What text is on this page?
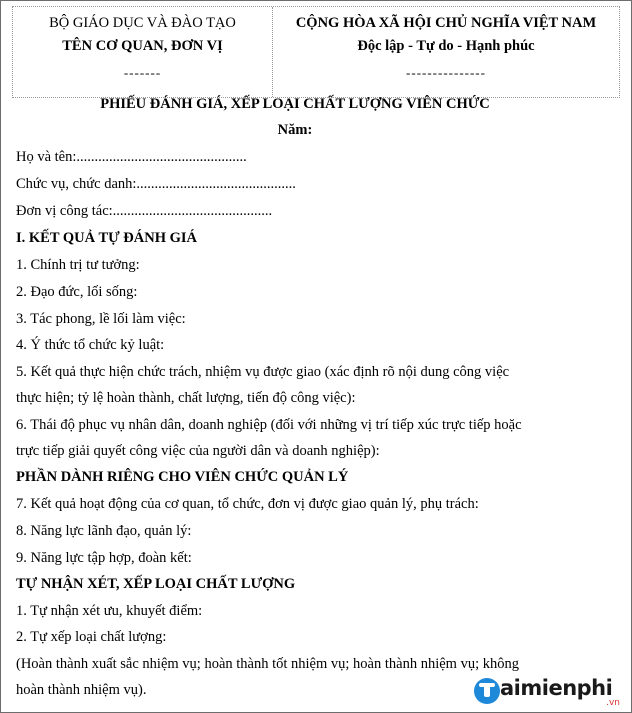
BỘ GIÁO DỤC VÀ ĐÀO TẠO
TÊN CƠ QUAN, ĐƠN VỊ
-------
CỘNG HÒA XÃ HỘI CHỦ NGHĨA VIỆT NAM
Độc lập - Tự do - Hạnh phúc
---------------
PHIẾU ĐÁNH GIÁ, XẾP LOẠI CHẤT LƯỢNG VIÊN CHỨC
Năm:
Họ và tên:...............................................
Chức vụ, chức danh:............................................
Đơn vị công tác:............................................
I. KẾT QUẢ TỰ ĐÁNH GIÁ
1. Chính trị tư tưởng:
2. Đạo đức, lối sống:
3. Tác phong, lề lối làm việc:
4. Ý thức tổ chức kỷ luật:
5. Kết quả thực hiện chức trách, nhiệm vụ được giao (xác định rõ nội dung công việc
thực hiện; tỷ lệ hoàn thành, chất lượng, tiến độ công việc):
6. Thái độ phục vụ nhân dân, doanh nghiệp (đối với những vị trí tiếp xúc trực tiếp hoặc
trực tiếp giải quyết công việc của người dân và doanh nghiệp):
PHẦN DÀNH RIÊNG CHO VIÊN CHỨC QUẢN LÝ
7. Kết quả hoạt động của cơ quan, tổ chức, đơn vị được giao quản lý, phụ trách:
8. Năng lực lãnh đạo, quản lý:
9. Năng lực tập hợp, đoàn kết:
TỰ NHẬN XÉT, XẾP LOẠI CHẤT LƯỢNG
1. Tự nhận xét ưu, khuyết điểm:
2. Tự xếp loại chất lượng:
(Hoàn thành xuất sắc nhiệm vụ; hoàn thành tốt nhiệm vụ; hoàn thành nhiệm vụ; không
hoàn thành nhiệm vụ).	aimienphi
.vn
